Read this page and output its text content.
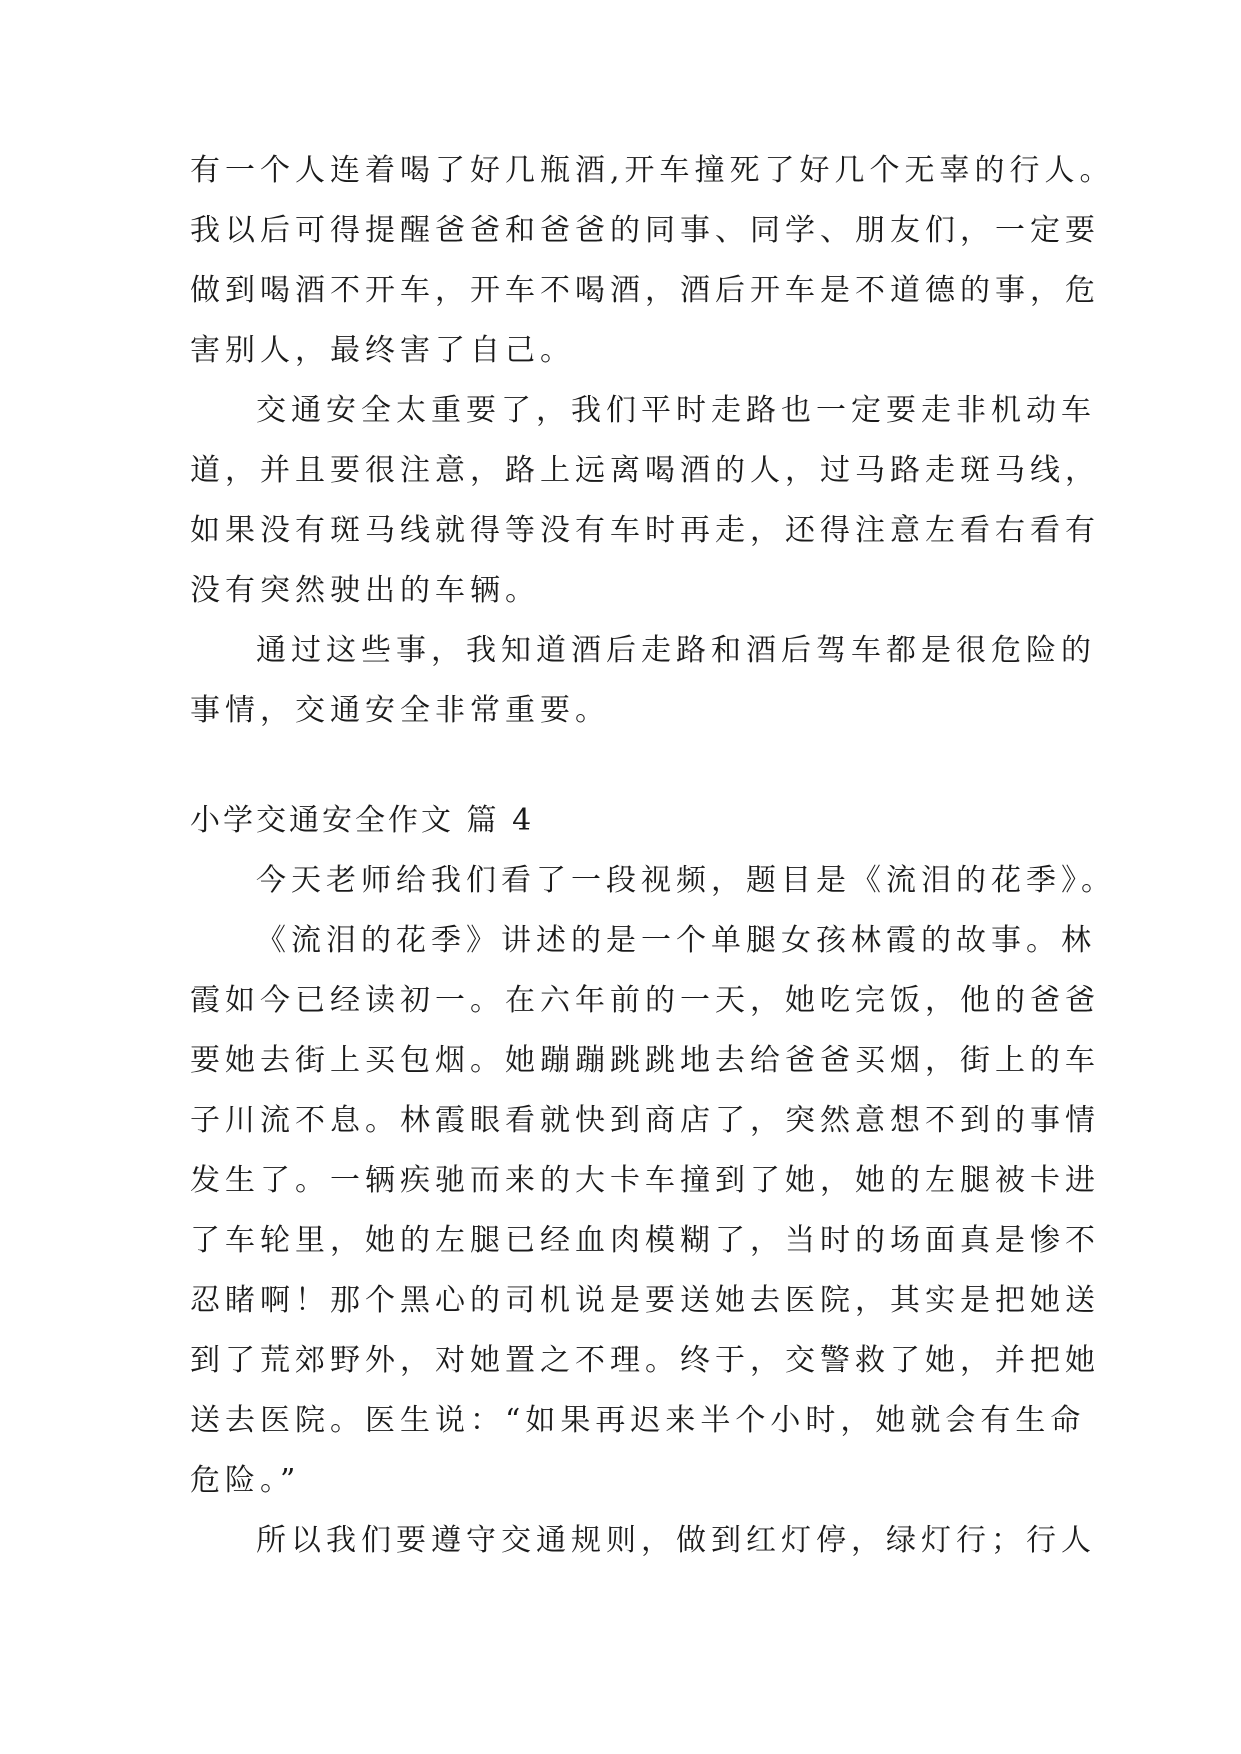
有一个人连着喝了好几瓶酒,开车撞死了好几个无辜的行人。
我以后可得提醒爸爸和爸爸的同事、同学、朋友们，一定要
做到喝酒不开车，开车不喝酒，酒后开车是不道德的事，危
害别人，最终害了自己。
交通安全太重要了，我们平时走路也一定要走非机动车
道，并且要很注意，路上远离喝酒的人，过马路走斑马线，
如果没有斑马线就得等没有车时再走，还得注意左看右看有
没有突然驶出的车辆。
通过这些事，我知道酒后走路和酒后驾车都是很危险的
事情，交通安全非常重要。
小学交通安全作文 篇 4
今天老师给我们看了一段视频，题目是《流泪的花季》。
《流泪的花季》讲述的是一个单腿女孩林霞的故事。林
霞如今已经读初一。在六年前的一天，她吃完饭，他的爸爸
要她去街上买包烟。她蹦蹦跳跳地去给爸爸买烟，街上的车
子川流不息。林霞眼看就快到商店了，突然意想不到的事情
发生了。一辆疾驰而来的大卡车撞到了她，她的左腿被卡进
了车轮里，她的左腿已经血肉模糊了，当时的场面真是惨不
忍睹啊！那个黑心的司机说是要送她去医院，其实是把她送
到了荒郊野外，对她置之不理。终于，交警救了她，并把她
送去医院。医生说：“如果再迟来半个小时，她就会有生命
危险。”
所以我们要遵守交通规则，做到红灯停，绿灯行；行人
